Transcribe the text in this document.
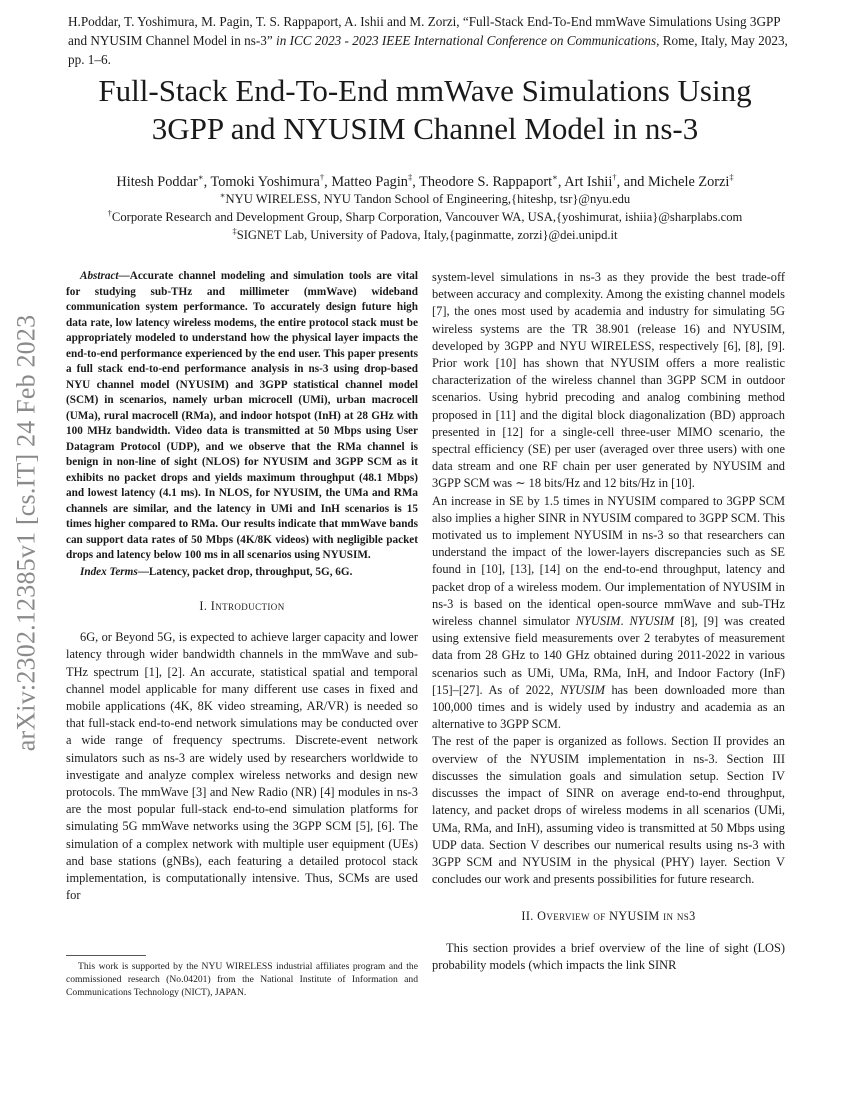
H.Poddar, T. Yoshimura, M. Pagin, T. S. Rappaport, A. Ishii and M. Zorzi, “Full-Stack End-To-End mmWave Simulations Using 3GPP and NYUSIM Channel Model in ns-3” in ICC 2023 - 2023 IEEE International Conference on Communications, Rome, Italy, May 2023, pp. 1–6.
Full-Stack End-To-End mmWave Simulations Using
3GPP and NYUSIM Channel Model in ns-3
Hitesh Poddar∗, Tomoki Yoshimura†, Matteo Pagin‡, Theodore S. Rappaport∗, Art Ishii†, and Michele Zorzi‡
∗NYU WIRELESS, NYU Tandon School of Engineering,{hiteshp, tsr}@nyu.edu
†Corporate Research and Development Group, Sharp Corporation, Vancouver WA, USA,{yoshimurat, ishiia}@sharplabs.com
‡SIGNET Lab, University of Padova, Italy,{paginmatte, zorzi}@dei.unipd.it
arXiv:2302.12385v1 [cs.IT] 24 Feb 2023

Abstract—Accurate channel modeling and simulation tools are vital for studying sub-THz and millimeter (mmWave) wideband communication system performance. To accurately design future high data rate, low latency wireless modems, the entire protocol stack must be appropriately modeled to understand how the physical layer impacts the end-to-end performance experienced by the end user. This paper presents a full stack end-to-end performance analysis in ns-3 using drop-based NYU channel model (NYUSIM) and 3GPP statistical channel model (SCM) in scenarios, namely urban microcell (UMi), urban macrocell (UMa), rural macrocell (RMa), and indoor hotspot (InH) at 28 GHz with 100 MHz bandwidth. Video data is transmitted at 50 Mbps using User Datagram Protocol (UDP), and we observe that the RMa channel is benign in non-line of sight (NLOS) for NYUSIM and 3GPP SCM as it exhibits no packet drops and yields maximum throughput (48.1 Mbps) and lowest latency (4.1 ms). In NLOS, for NYUSIM, the UMa and RMa channels are similar, and the latency in UMi and InH scenarios is 15 times higher compared to RMa. Our results indicate that mmWave bands can support data rates of 50 Mbps (4K/8K videos) with negligible packet drops and latency below 100 ms in all scenarios using NYUSIM.

Index Terms—Latency, packet drop, throughput, 5G, 6G.

I. Introduction

6G, or Beyond 5G, is expected to achieve larger capacity and lower latency through wider bandwidth channels in the mmWave and sub-THz spectrum [1], [2]. An accurate, statistical spatial and temporal channel model applicable for many different use cases in fixed and mobile applications (4K, 8K video streaming, AR/VR) is needed so that full-stack end-to-end network simulations may be conducted over a wide range of frequency spectrums. Discrete-event network simulators such as ns-3 are widely used by researchers worldwide to investigate and analyze complex wireless networks and design new protocols. The mmWave [3] and New Radio (NR) [4] modules in ns-3 are the most popular full-stack end-to-end simulation platforms for simulating 5G mmWave networks using the 3GPP SCM [5], [6]. The simulation of a complex network with multiple user equipment (UEs) and base stations (gNBs), each featuring a detailed protocol stack implementation, is computationally intensive. Thus, SCMs are used for

This work is supported by the NYU WIRELESS industrial affiliates program and the commissioned research (No.04201) from the National Institute of Information and Communications Technology (NICT), JAPAN.

system-level simulations in ns-3 as they provide the best trade-off between accuracy and complexity. Among the existing channel models [7], the ones most used by academia and industry for simulating 5G wireless systems are the TR 38.901 (release 16) and NYUSIM, developed by 3GPP and NYU WIRELESS, respectively [6], [8], [9]. Prior work [10] has shown that NYUSIM offers a more realistic characterization of the wireless channel than 3GPP SCM in outdoor scenarios. Using hybrid precoding and analog combining method proposed in [11] and the digital block diagonalization (BD) approach presented in [12] for a single-cell three-user MIMO scenario, the spectral efficiency (SE) per user (averaged over three users) with one data stream and one RF chain per user generated by NYUSIM and 3GPP SCM was ∼ 18 bits/Hz and 12 bits/Hz in [10].

An increase in SE by 1.5 times in NYUSIM compared to 3GPP SCM also implies a higher SINR in NYUSIM compared to 3GPP SCM. This motivated us to implement NYUSIM in ns-3 so that researchers can understand the impact of the lower-layers discrepancies such as SE found in [10], [13], [14] on the end-to-end throughput, latency and packet drop of a wireless modem. Our implementation of NYUSIM in ns-3 is based on the identical open-source mmWave and sub-THz wireless channel simulator NYUSIM. NYUSIM [8], [9] was created using extensive field measurements over 2 terabytes of measurement data from 28 GHz to 140 GHz obtained during 2011-2022 in various scenarios such as UMi, UMa, RMa, InH, and Indoor Factory (InF) [15]–[27]. As of 2022, NYUSIM has been downloaded more than 100,000 times and is widely used by industry and academia as an alternative to 3GPP SCM.

The rest of the paper is organized as follows. Section II provides an overview of the NYUSIM implementation in ns-3. Section III discusses the simulation goals and simulation setup. Section IV discusses the impact of SINR on average end-to-end throughput, latency, and packet drops of wireless modems in all scenarios (UMi, UMa, RMa, and InH), assuming video is transmitted at 50 Mbps using UDP data. Section V describes our numerical results using ns-3 with 3GPP SCM and NYUSIM in the physical (PHY) layer. Section V concludes our work and presents possibilities for future research.

II. Overview of NYUSIM in ns3

This section provides a brief overview of the line of sight (LOS) probability models (which impacts the link SINR
